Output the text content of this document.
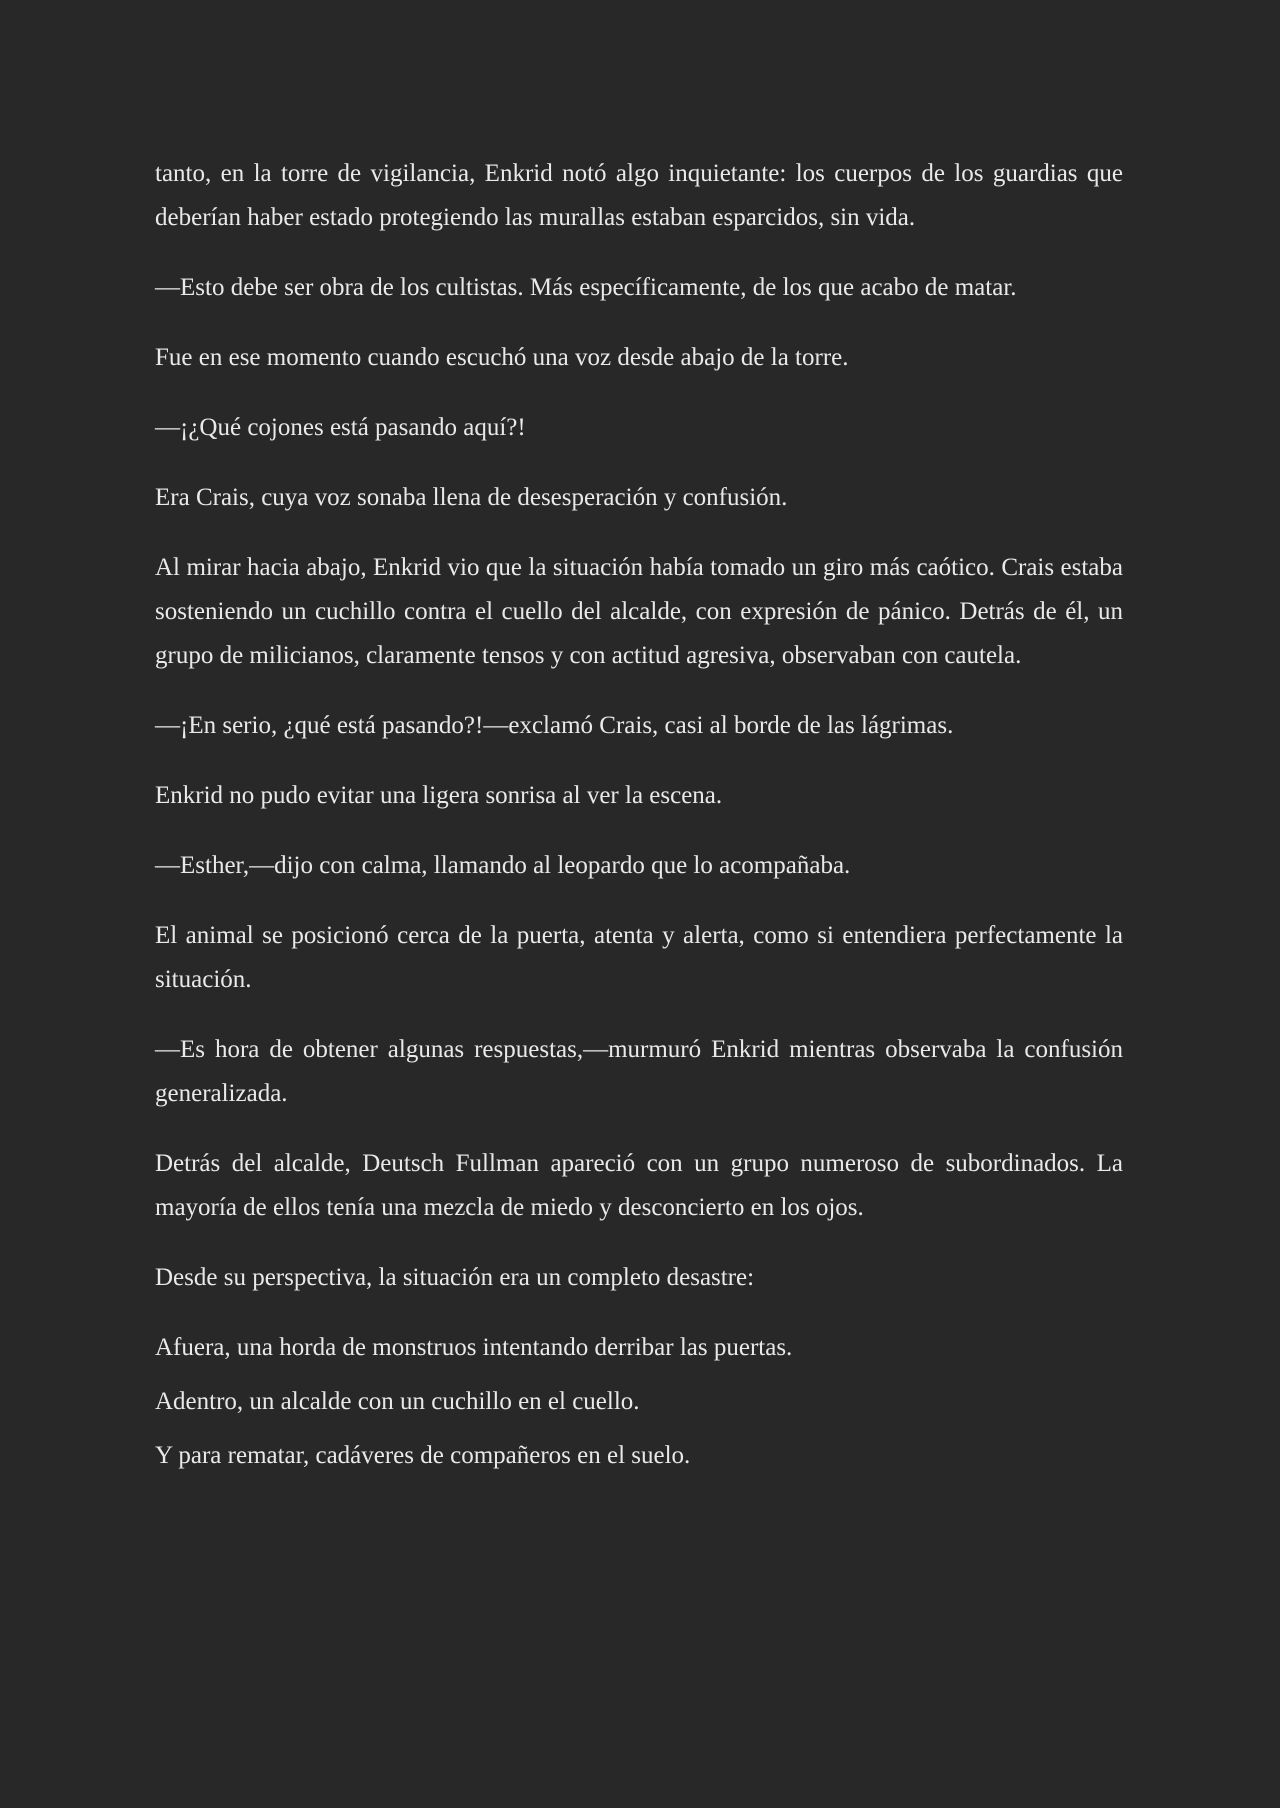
tanto, en la torre de vigilancia, Enkrid notó algo inquietante: los cuerpos de los guardias que deberían haber estado protegiendo las murallas estaban esparcidos, sin vida.

—Esto debe ser obra de los cultistas. Más específicamente, de los que acabo de matar.

Fue en ese momento cuando escuchó una voz desde abajo de la torre.

—¡¿Qué cojones está pasando aquí?!

Era Crais, cuya voz sonaba llena de desesperación y confusión.

Al mirar hacia abajo, Enkrid vio que la situación había tomado un giro más caótico. Crais estaba sosteniendo un cuchillo contra el cuello del alcalde, con expresión de pánico. Detrás de él, un grupo de milicianos, claramente tensos y con actitud agresiva, observaban con cautela.

—¡En serio, ¿qué está pasando?!—exclamó Crais, casi al borde de las lágrimas.

Enkrid no pudo evitar una ligera sonrisa al ver la escena.

—Esther,—dijo con calma, llamando al leopardo que lo acompañaba.

El animal se posicionó cerca de la puerta, atenta y alerta, como si entendiera perfectamente la situación.

—Es hora de obtener algunas respuestas,—murmuró Enkrid mientras observaba la confusión generalizada.

Detrás del alcalde, Deutsch Fullman apareció con un grupo numeroso de subordinados. La mayoría de ellos tenía una mezcla de miedo y desconcierto en los ojos.

Desde su perspectiva, la situación era un completo desastre:

Afuera, una horda de monstruos intentando derribar las puertas.

Adentro, un alcalde con un cuchillo en el cuello.

Y para rematar, cadáveres de compañeros en el suelo.
